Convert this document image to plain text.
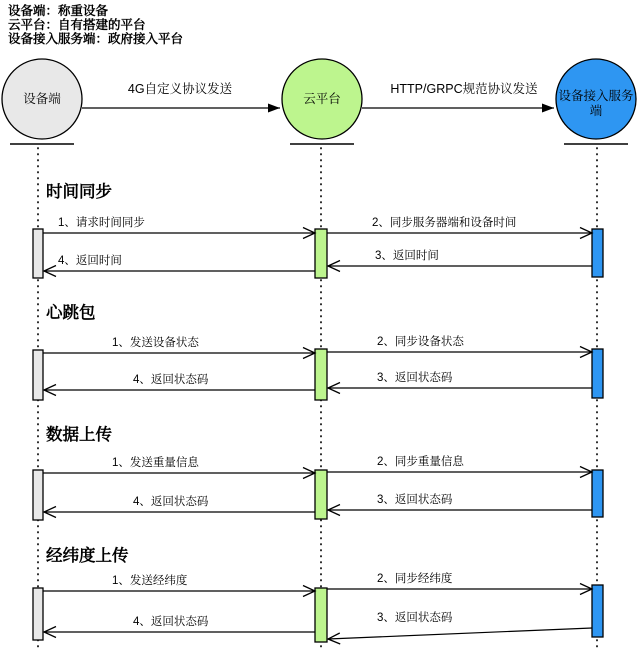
设备端：称重设备
云平台：自有搭建的平台
设备接入服务端：政府接入平台
设备端	云平台	设备接入服务
端
4G自定义协议发送	HTTP/GRPC规范协议发送
时间同步
1、请求时间同步	2、同步服务器端和设备时间
3、返回时间
4、返回时间
心跳包
1、发送设备状态	2、同步设备状态
3、返回状态码
4、返回状态码
数据上传
1、发送重量信息	2、同步重量信息
3、返回状态码
4、返回状态码
经纬度上传
1、发送经纬度	2、同步经纬度
3、返回状态码
4、返回状态码
